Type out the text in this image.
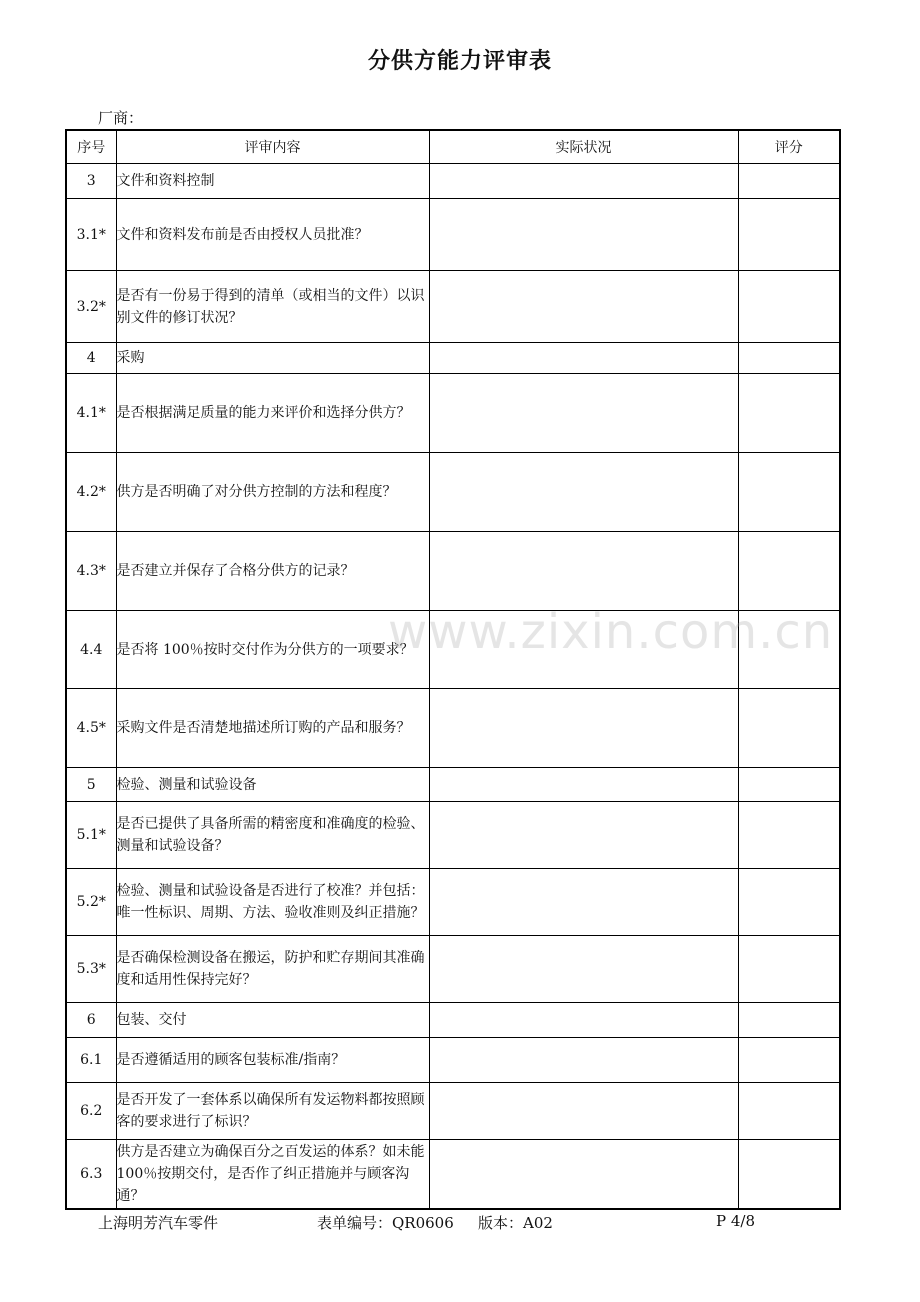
分供方能力评审表
厂商：
序号	评审内容	实际状况	评分
3	文件和资料控制		
3.1*	文件和资料发布前是否由授权人员批准？		
3.2*	是否有一份易于得到的清单（或相当的文件）以识别文件的修订状况？		
4	采购		
4.1*	是否根据满足质量的能力来评价和选择分供方？		
4.2*	供方是否明确了对分供方控制的方法和程度？		
4.3*	是否建立并保存了合格分供方的记录？		
4.4	是否将 100％按时交付作为分供方的一项要求？		
4.5*	采购文件是否清楚地描述所订购的产品和服务？		
5	检验、测量和试验设备		
5.1*	是否已提供了具备所需的精密度和准确度的检验、测量和试验设备？		
5.2*	检验、测量和试验设备是否进行了校准？并包括：唯一性标识、周期、方法、验收准则及纠正措施？		
5.3*	是否确保检测设备在搬运，防护和贮存期间其准确度和适用性保持完好？		
6	包装、交付		
6.1	是否遵循适用的顾客包装标准/指南？		
6.2	是否开发了一套体系以确保所有发运物料都按照顾客的要求进行了标识？		
6.3	供方是否建立为确保百分之百发运的体系？如未能 100％按期交付，是否作了纠正措施并与顾客沟通？		
www.zixin.com.cn
上海明芳汽车零件	表单编号：QR0606 版本：A02	P 4/8
